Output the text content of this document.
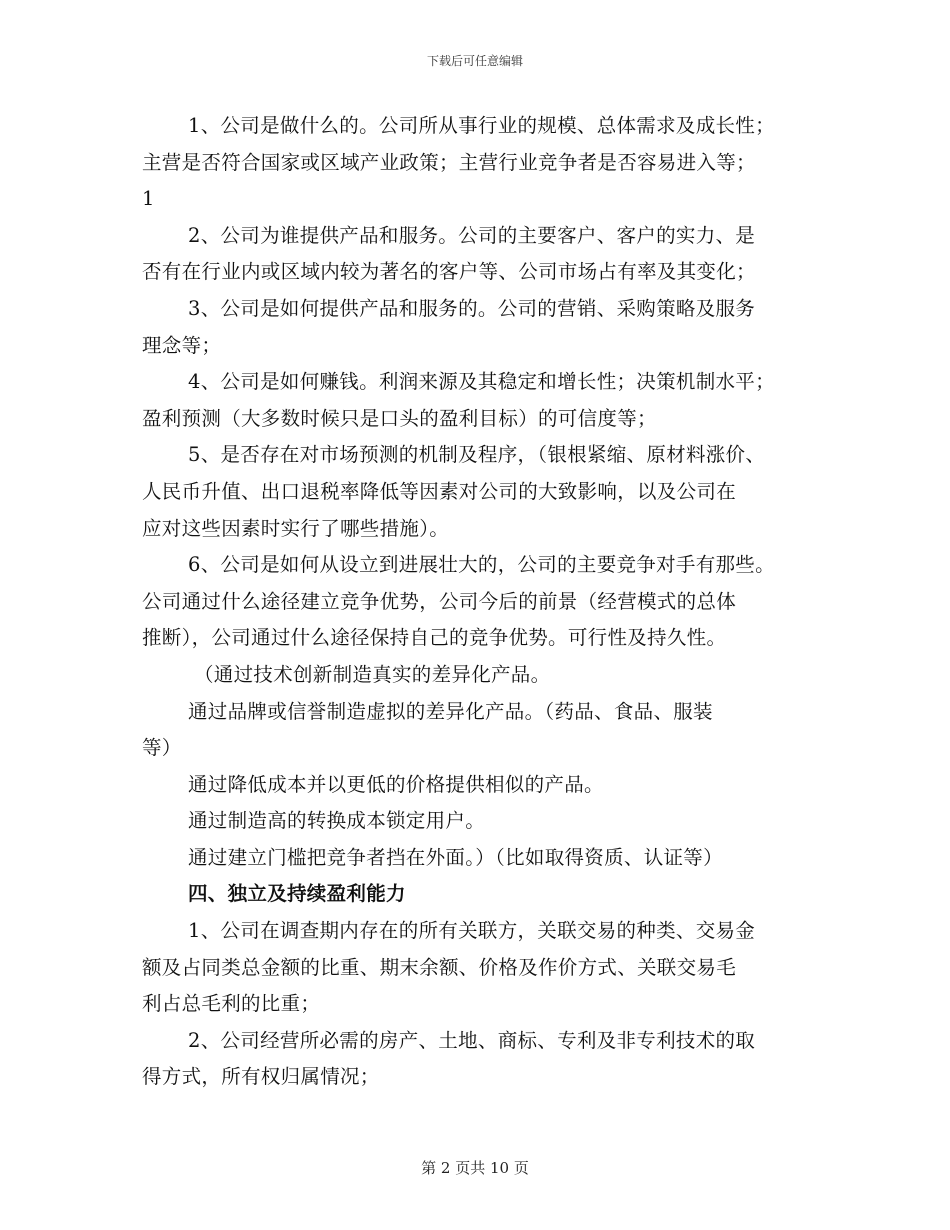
下载后可任意编辑
1、公司是做什么的。公司所从事行业的规模、总体需求及成长性；
主营是否符合国家或区域产业政策；主营行业竞争者是否容易进入等；
1
2、公司为谁提供产品和服务。公司的主要客户、客户的实力、是
否有在行业内或区域内较为著名的客户等、公司市场占有率及其变化；
3、公司是如何提供产品和服务的。公司的营销、采购策略及服务
理念等；
4、公司是如何赚钱。利润来源及其稳定和增长性；决策机制水平；
盈利预测（大多数时候只是口头的盈利目标）的可信度等；
5、是否存在对市场预测的机制及程序，（银根紧缩、原材料涨价、
人民币升值、出口退税率降低等因素对公司的大致影响，以及公司在
应对这些因素时实行了哪些措施）。
6、公司是如何从设立到进展壮大的，公司的主要竞争对手有那些。
公司通过什么途径建立竞争优势，公司今后的前景（经营模式的总体
推断），公司通过什么途径保持自己的竞争优势。可行性及持久性。
（通过技术创新制造真实的差异化产品。
通过品牌或信誉制造虚拟的差异化产品。（药品、食品、服装
等）
通过降低成本并以更低的价格提供相似的产品。
通过制造高的转换成本锁定用户。
通过建立门槛把竞争者挡在外面。）（比如取得资质、认证等）
四、独立及持续盈利能力
1、公司在调查期内存在的所有关联方，关联交易的种类、交易金
额及占同类总金额的比重、期末余额、价格及作价方式、关联交易毛
利占总毛利的比重；
2、公司经营所必需的房产、土地、商标、专利及非专利技术的取
得方式，所有权归属情况；
第 2 页共 10 页
